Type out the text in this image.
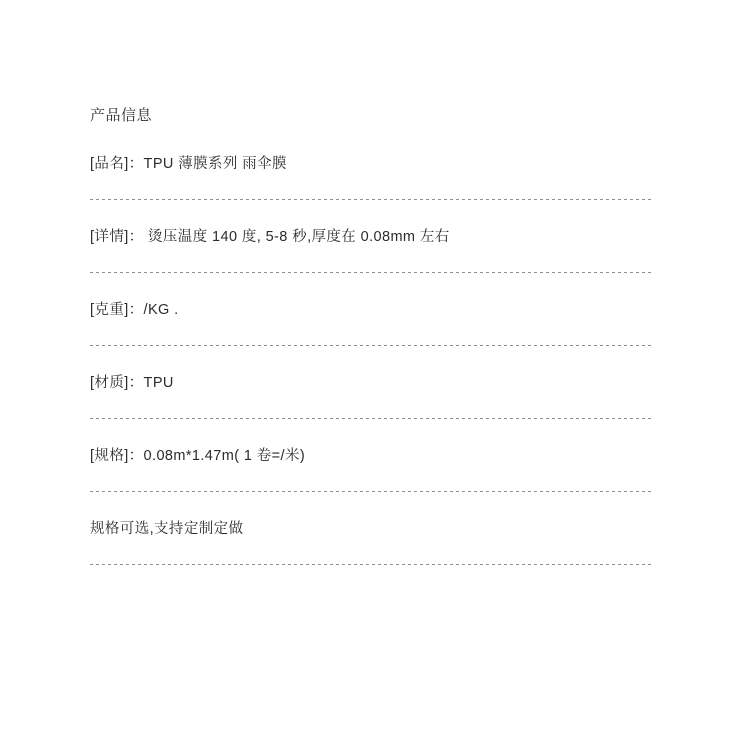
产品信息
[品名]：TPU 薄膜系列 雨伞膜
[详情]： 烫压温度 140 度, 5-8 秒,厚度在 0.08mm 左右
[克重]：/KG .
[材质]：TPU
[规格]：0.08m*1.47m( 1 卷=/米)
规格可选,支持定制定做
